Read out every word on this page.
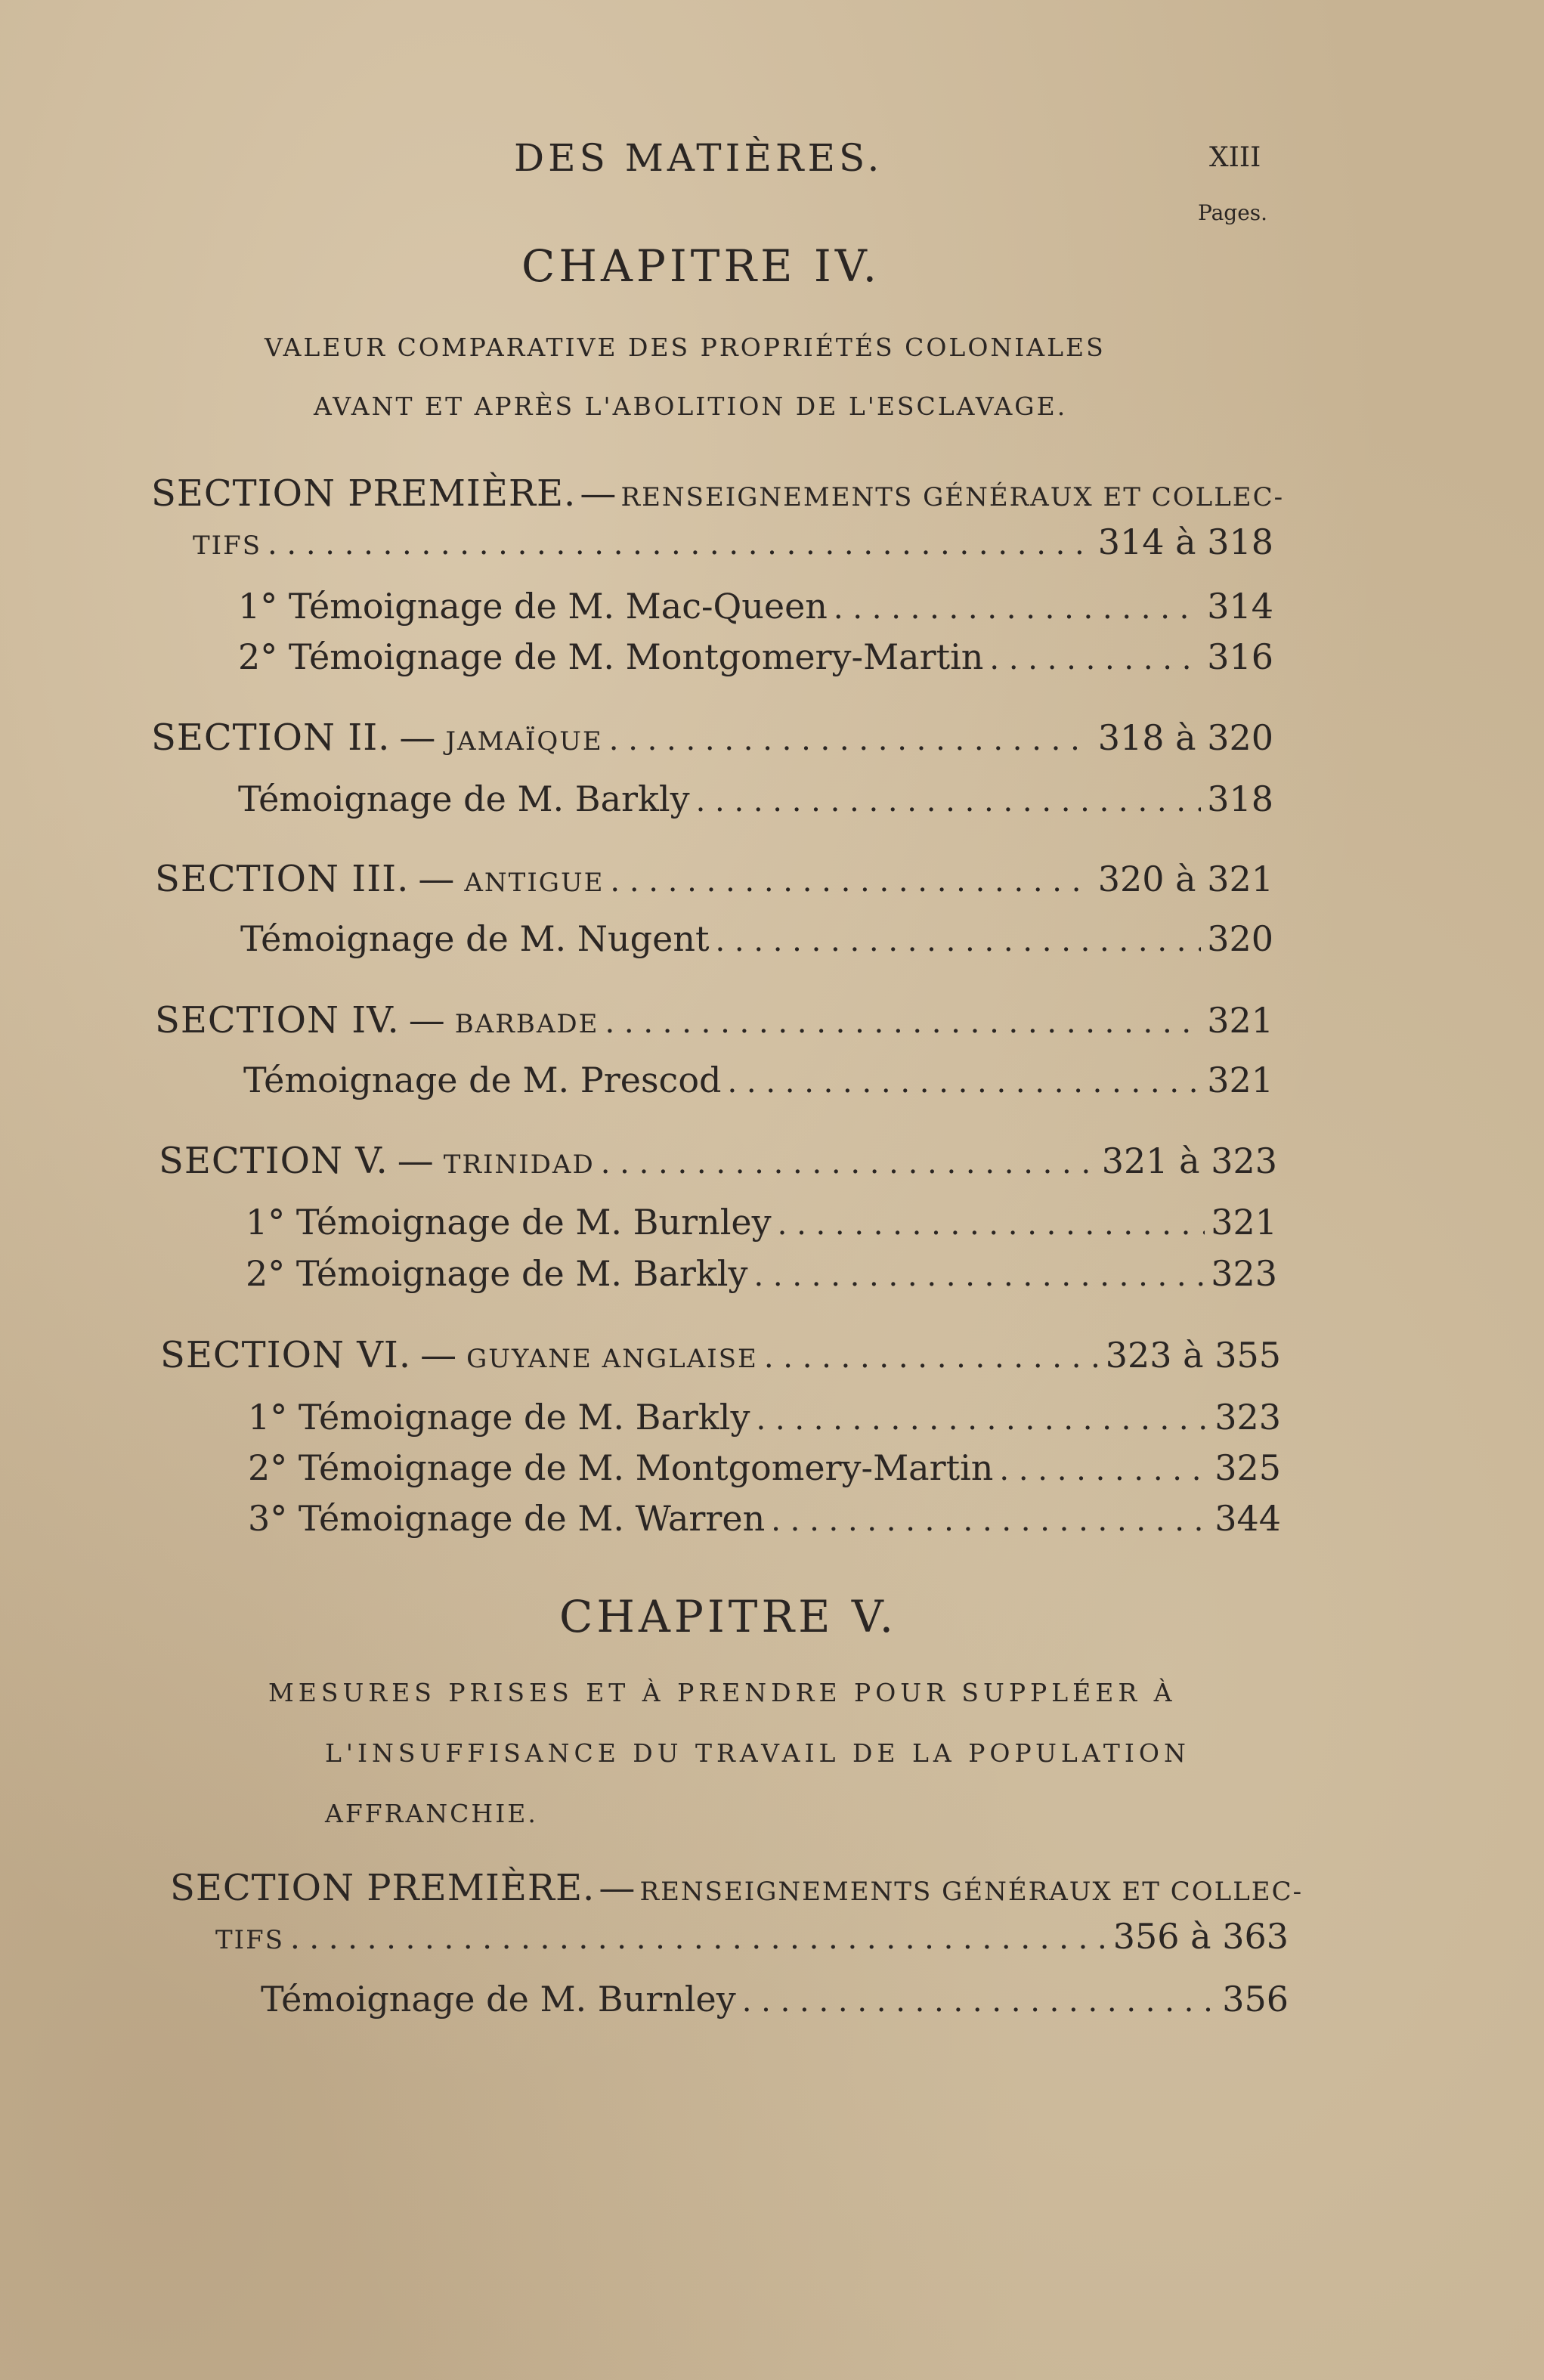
DES MATIÈRES.	XIII
Pages.
CHAPITRE IV.
VALEUR COMPARATIVE DES PROPRIÉTÉS COLONIALES
AVANT ET APRÈS L'ABOLITION DE L'ESCLAVAGE.
SECTION PREMIÈRE. — RENSEIGNEMENTS GÉNÉRAUX ET COLLEC-
TIFS . . .	314 à 318
1° Témoignage de M. Mac-Queen . . .	314
2° Témoignage de M. Montgomery-Martin . . .	316
SECTION II. — JAMAÏQUE . . .	318 à 320
Témoignage de M. Barkly . . .	318
SECTION III. — ANTIGUE . . .	320 à 321
Témoignage de M. Nugent . . .	320
SECTION IV. — BARBADE . . .	321
Témoignage de M. Prescod . . .	321
SECTION V. — TRINIDAD . . .	321 à 323
1° Témoignage de M. Burnley . . .	321
2° Témoignage de M. Barkly . . .	323
SECTION VI. — GUYANE ANGLAISE . . .	323 à 355
1° Témoignage de M. Barkly . . .	323
2° Témoignage de M. Montgomery-Martin . . .	325
3° Témoignage de M. Warren . . .	344
CHAPITRE V.
MESURES PRISES ET À PRENDRE POUR SUPPLÉER À
L'INSUFFISANCE DU TRAVAIL DE LA POPULATION
AFFRANCHIE.
SECTION PREMIÈRE. — RENSEIGNEMENTS GÉNÉRAUX ET COLLEC-
TIFS . . .	356 à 363
Témoignage de M. Burnley . . .	356
